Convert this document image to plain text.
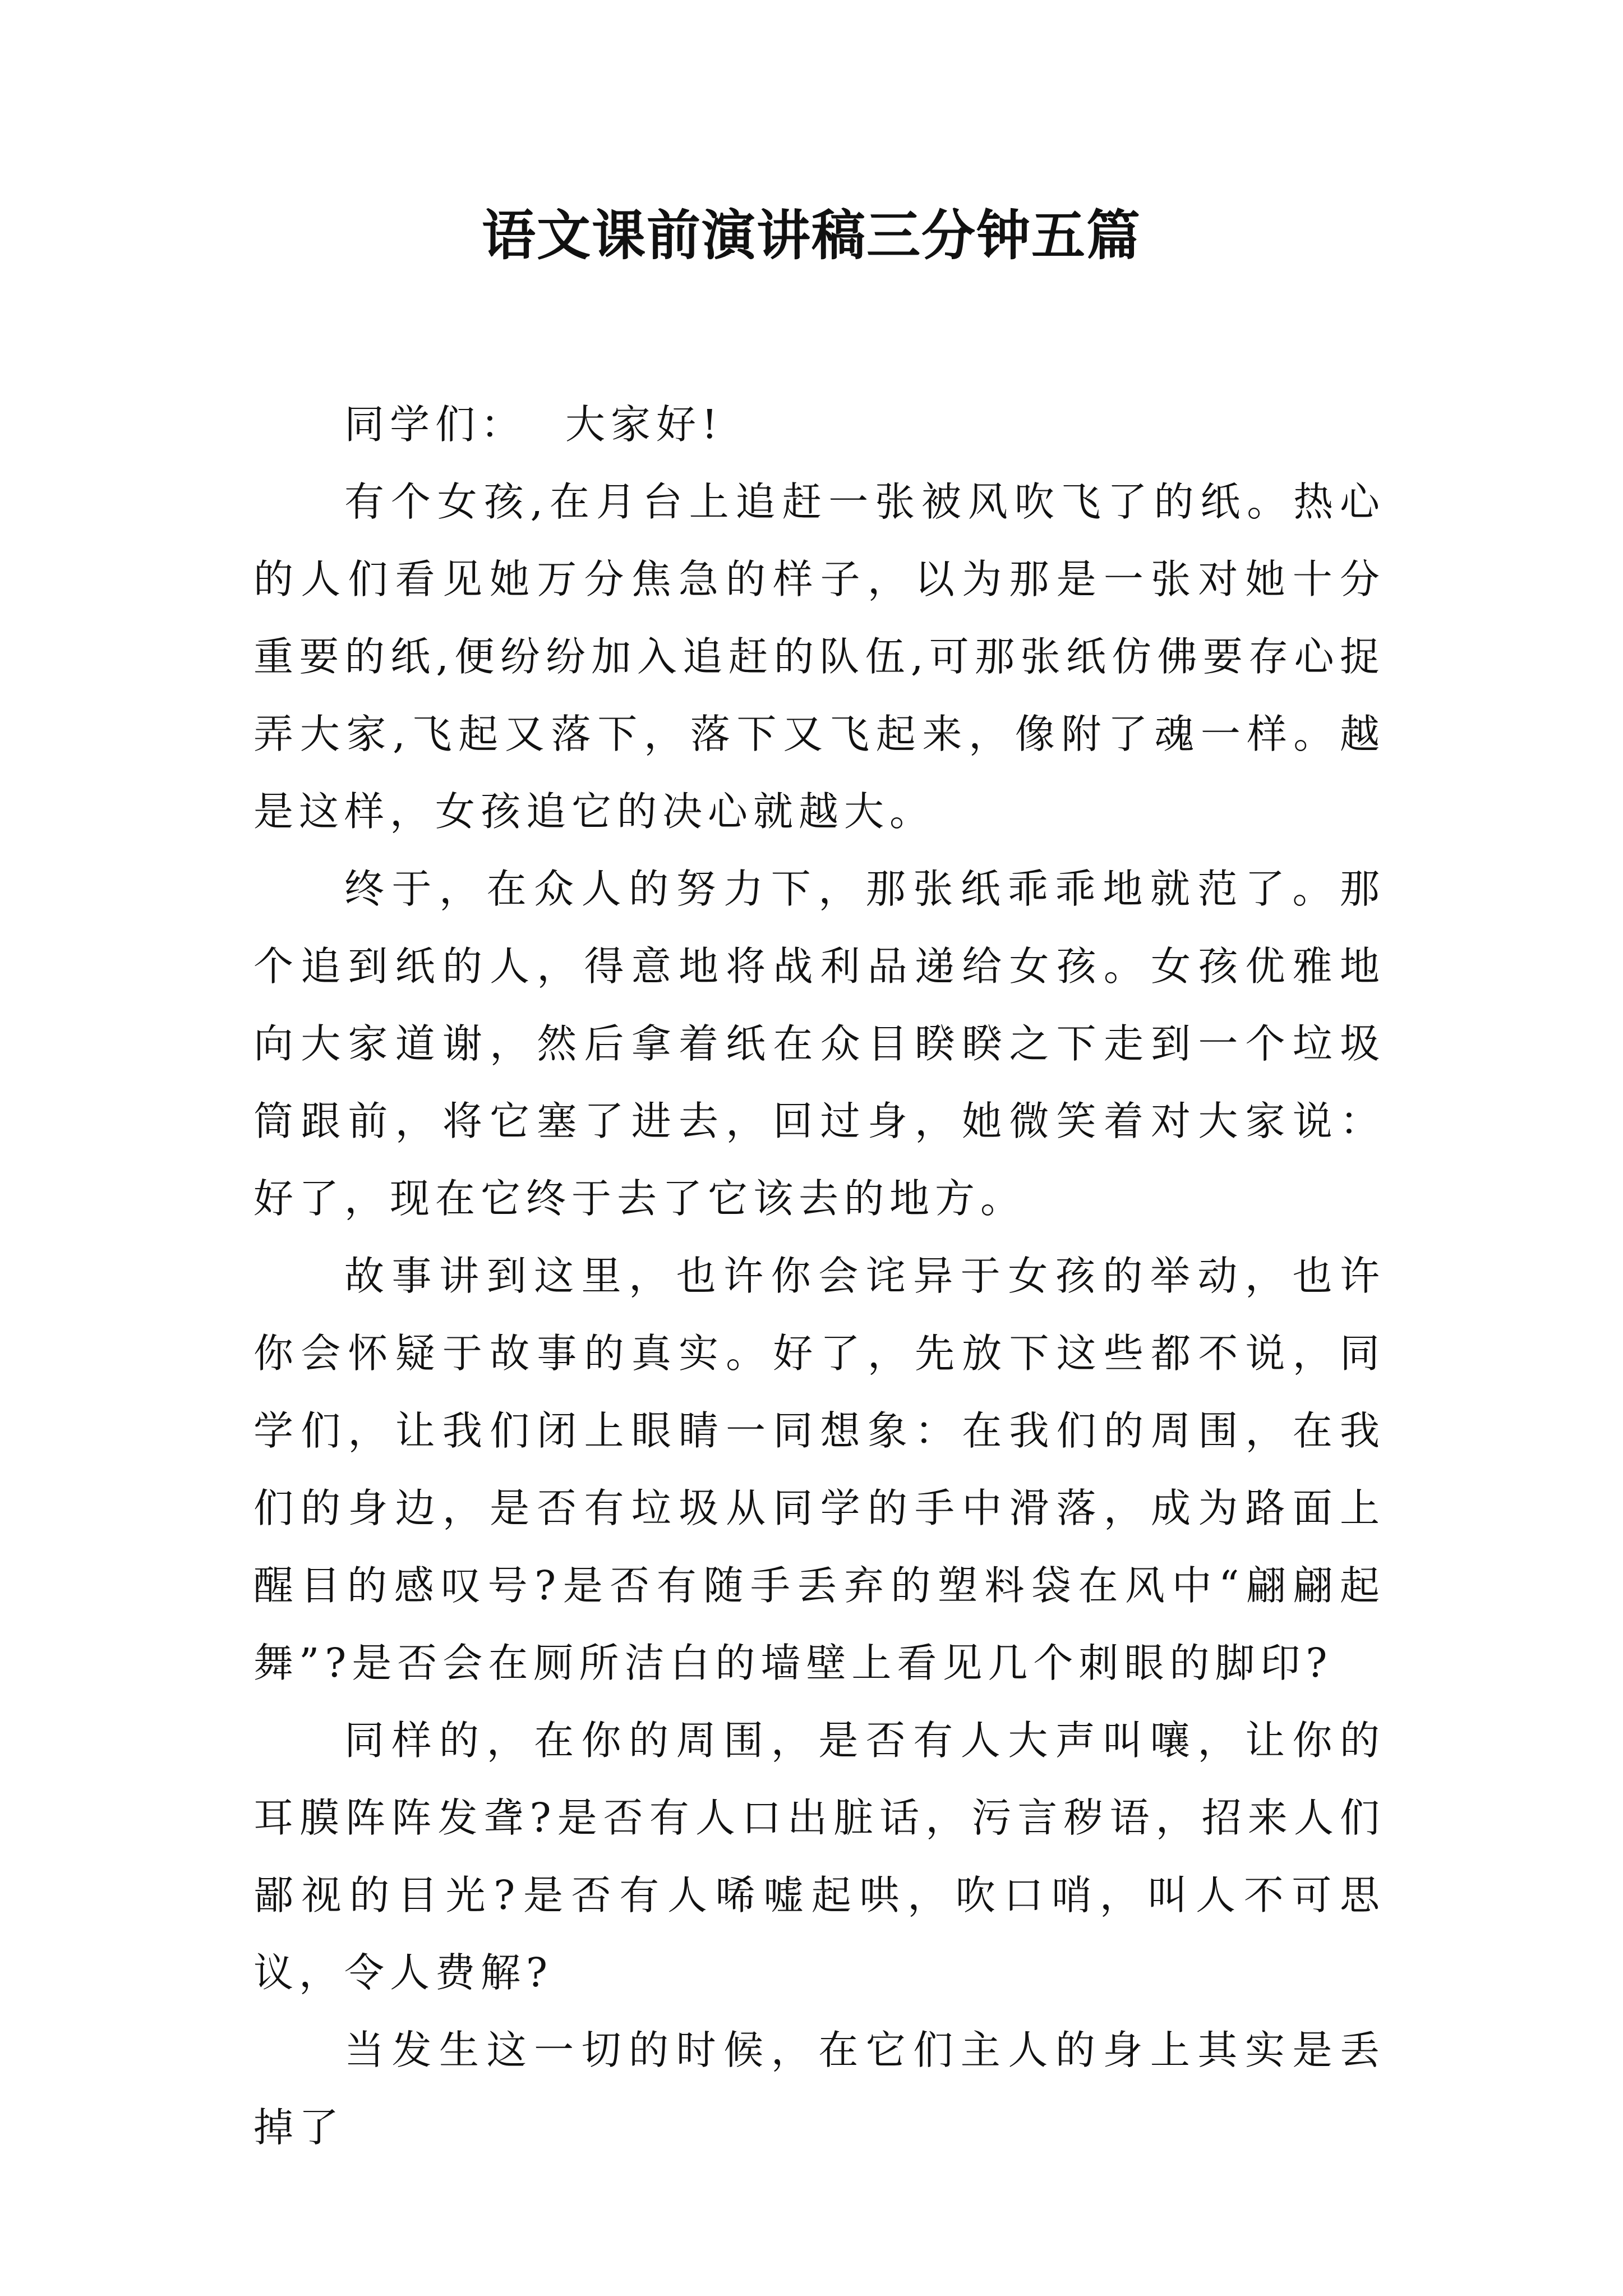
语文课前演讲稿三分钟五篇

同学们： 大家好!

有个女孩,在月台上追赶一张被风吹飞了的纸。热心的人们看见她万分焦急的样子，以为那是一张对她十分重要的纸,便纷纷加入追赶的队伍,可那张纸仿佛要存心捉弄大家,飞起又落下，落下又飞起来，像附了魂一样。越是这样，女孩追它的决心就越大。

终于，在众人的努力下，那张纸乖乖地就范了。那个追到纸的人，得意地将战利品递给女孩。女孩优雅地向大家道谢，然后拿着纸在众目睽睽之下走到一个垃圾筒跟前，将它塞了进去，回过身，她微笑着对大家说：好了，现在它终于去了它该去的地方。

故事讲到这里，也许你会诧异于女孩的举动，也许你会怀疑于故事的真实。好了，先放下这些都不说，同学们，让我们闭上眼睛一同想象：在我们的周围，在我们的身边，是否有垃圾从同学的手中滑落，成为路面上醒目的感叹号?是否有随手丢弃的塑料袋在风中“翩翩起舞”?是否会在厕所洁白的墙壁上看见几个刺眼的脚印?

同样的，在你的周围，是否有人大声叫嚷，让你的耳膜阵阵发聋?是否有人口出脏话，污言秽语，招来人们鄙视的目光?是否有人唏嘘起哄，吹口哨，叫人不可思议，令人费解?

当发生这一切的时候，在它们主人的身上其实是丢掉了
